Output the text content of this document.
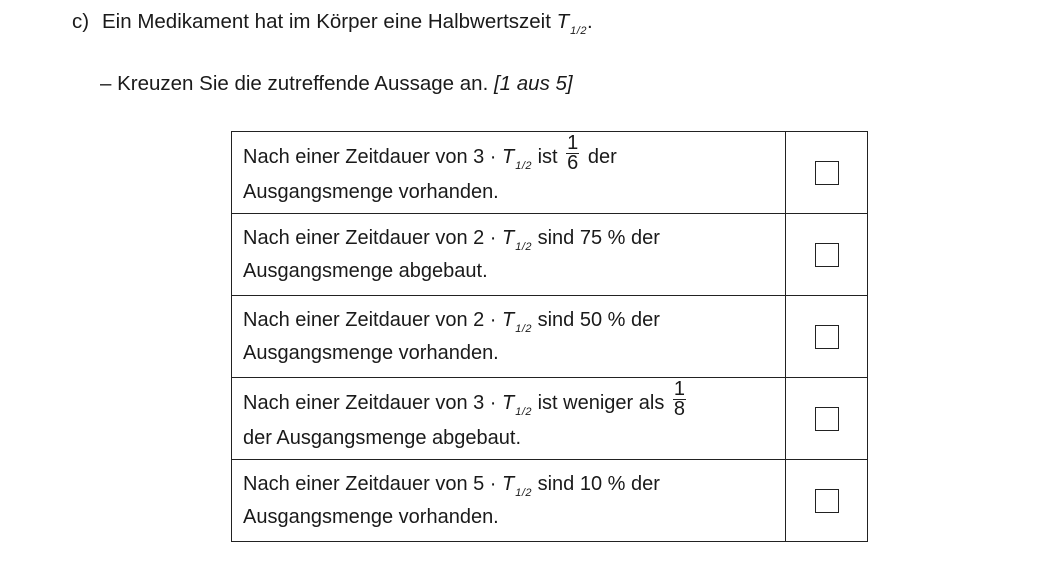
c) Ein Medikament hat im Körper eine Halbwertszeit $T_{1/2}$.
– Kreuzen Sie die zutreffende Aussage an. [1 aus 5]
Nach einer Zeitdauer von $3 \cdot T_{1/2}$ ist $\frac{1}{6}$ der
Ausgangsmenge vorhanden.	
Nach einer Zeitdauer von $2 \cdot T_{1/2}$ sind 75 % der
Ausgangsmenge abgebaut.	
Nach einer Zeitdauer von $2 \cdot T_{1/2}$ sind 50 % der
Ausgangsmenge vorhanden.	
Nach einer Zeitdauer von $3 \cdot T_{1/2}$ ist weniger als $\frac{1}{8}$

der Ausgangsmenge abgebaut.	
Nach einer Zeitdauer von $5 \cdot T_{1/2}$ sind 10 % der
Ausgangsmenge vorhanden.	
